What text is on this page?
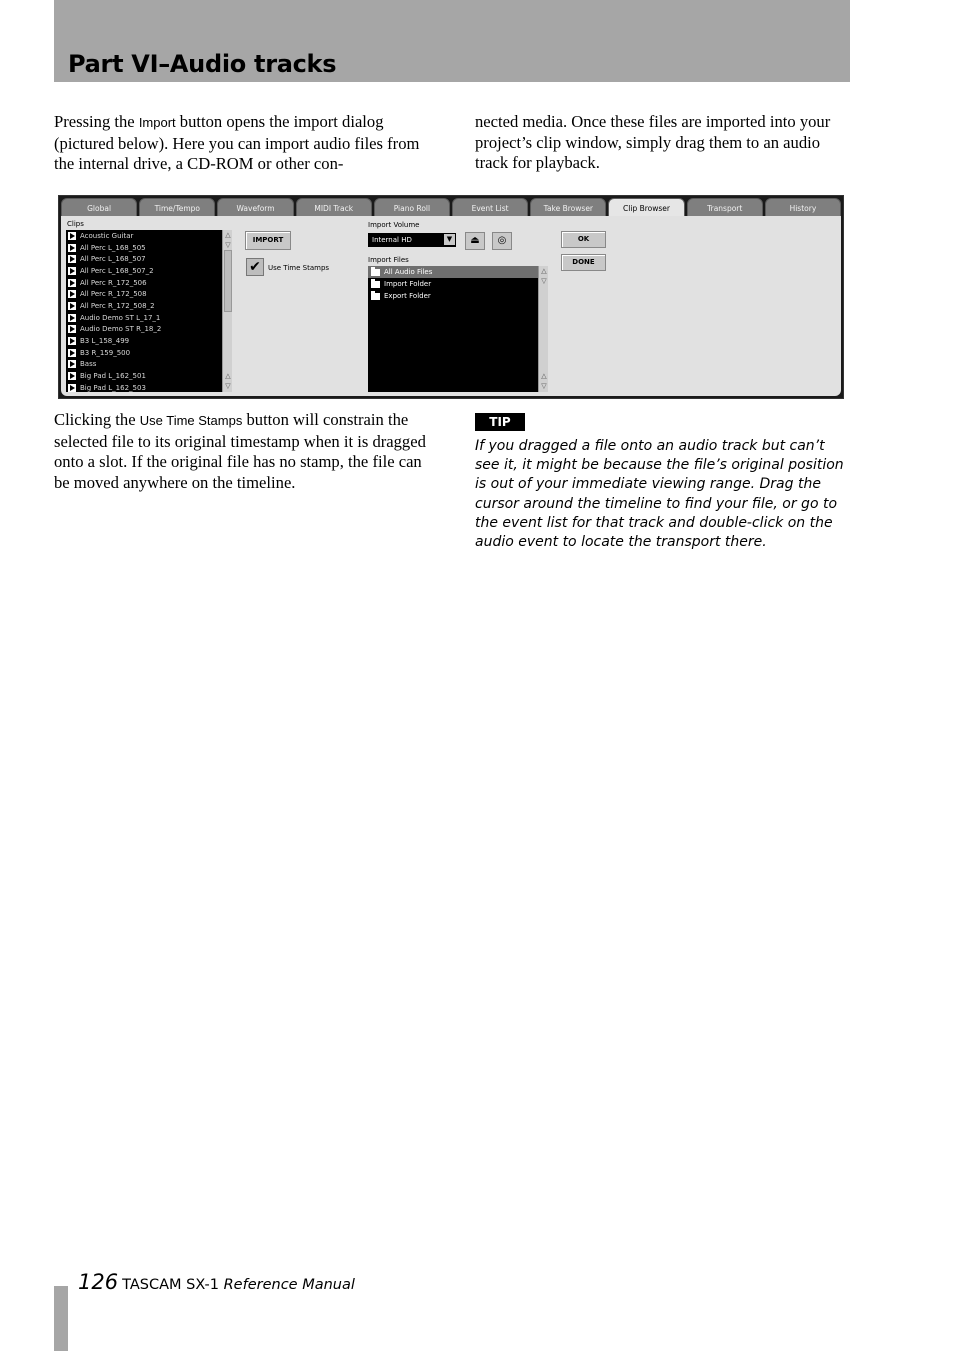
Part VI–Audio tracks

Pressing the Import button opens the import dialog (pictured below). Here you can import audio files from the internal drive, a CD-ROM or other con-

nected media. Once these files are imported into your project’s clip window, simply drag them to an audio track for playback.

Global	Time/Tempo	Waveform	MIDI Track	Piano Roll	Event List	Take Browser	Clip Browser	Transport	History
Clips
Acoustic Guitar
All Perc L_168_505
All Perc L_168_507
All Perc L_168_507_2
All Perc R_172_506
All Perc R_172_508
All Perc R_172_508_2
Audio Demo ST L_17_1
Audio Demo ST R_18_2
B3 L_158_499
B3 R_159_500
Bass
Big Pad L_162_501
Big Pad L_162_503
△
▽
△
▽
IMPORT
✔	Use Time Stamps
Import Volume
Internal HD	▼	⏏	◎
Import Files
All Audio Files
Import Folder
Export Folder
△
▽
△
▽
OK
DONE

Clicking the Use Time Stamps button will constrain the selected file to its original timestamp when it is dragged onto a slot. If the original file has no stamp, the file can be moved anywhere on the timeline.

TIP

If you dragged a file onto an audio track but can’t see it, it might be because the file’s original position is out of your immediate viewing range. Drag the cursor around the timeline to find your file, or go to the event list for that track and double-click on the audio event to locate the transport there.

126 TASCAM SX-1 Reference Manual
